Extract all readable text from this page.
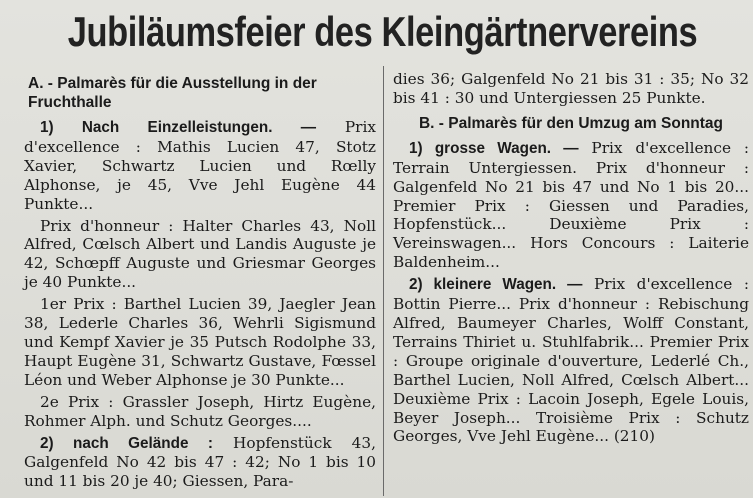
Jubiläumsfeier des Kleingärtnervereins
A. - Palmarès für die Ausstellung in der Fruchthalle

1) Nach Einzelleistungen. — Prix d'excellence : Mathis Lucien 47, Stotz Xavier, Schwartz Lucien und Rœlly Alphonse, je 45, Vve Jehl Eugène 44 Punkte...

Prix d'honneur : Halter Charles 43, Noll Alfred, Cœlsch Albert und Landis Auguste je 42, Schœpff Auguste und Griesmar Georges je 40 Punkte...

1er Prix : Barthel Lucien 39, Jaegler Jean 38, Lederle Charles 36, Wehrli Sigismund und Kempf Xavier je 35 Putsch Rodolphe 33, Haupt Eugène 31, Schwartz Gustave, Fœssel Léon und Weber Alphonse je 30 Punkte...

2e Prix : Grassler Joseph, Hirtz Eugène, Rohmer Alph. und Schutz Georges....

2) nach Gelände : Hopfenstück 43, Galgenfeld No 42 bis 47 : 42; No 1 bis 10 und 11 bis 20 je 40; Giessen, Para-

dies 36; Galgenfeld No 21 bis 31 : 35; No 32 bis 41 : 30 und Untergiessen 25 Punkte.

B. - Palmarès für den Umzug am Sonntag

1) grosse Wagen. — Prix d'excellence : Terrain Untergiessen. Prix d'honneur : Galgenfeld No 21 bis 47 und No 1 bis 20... Premier Prix : Giessen und Paradies, Hopfenstück... Deuxième Prix : Vereinswagen... Hors Concours : Laiterie Baldenheim...

2) kleinere Wagen. — Prix d'excellence : Bottin Pierre... Prix d'honneur : Rebischung Alfred, Baumeyer Charles, Wolff Constant, Terrains Thiriet u. Stuhlfabrik... Premier Prix : Groupe originale d'ouverture, Lederlé Ch., Barthel Lucien, Noll Alfred, Cœlsch Albert... Deuxième Prix : Lacoin Joseph, Egele Louis, Beyer Joseph... Troisième Prix : Schutz Georges, Vve Jehl Eugène... (210)
